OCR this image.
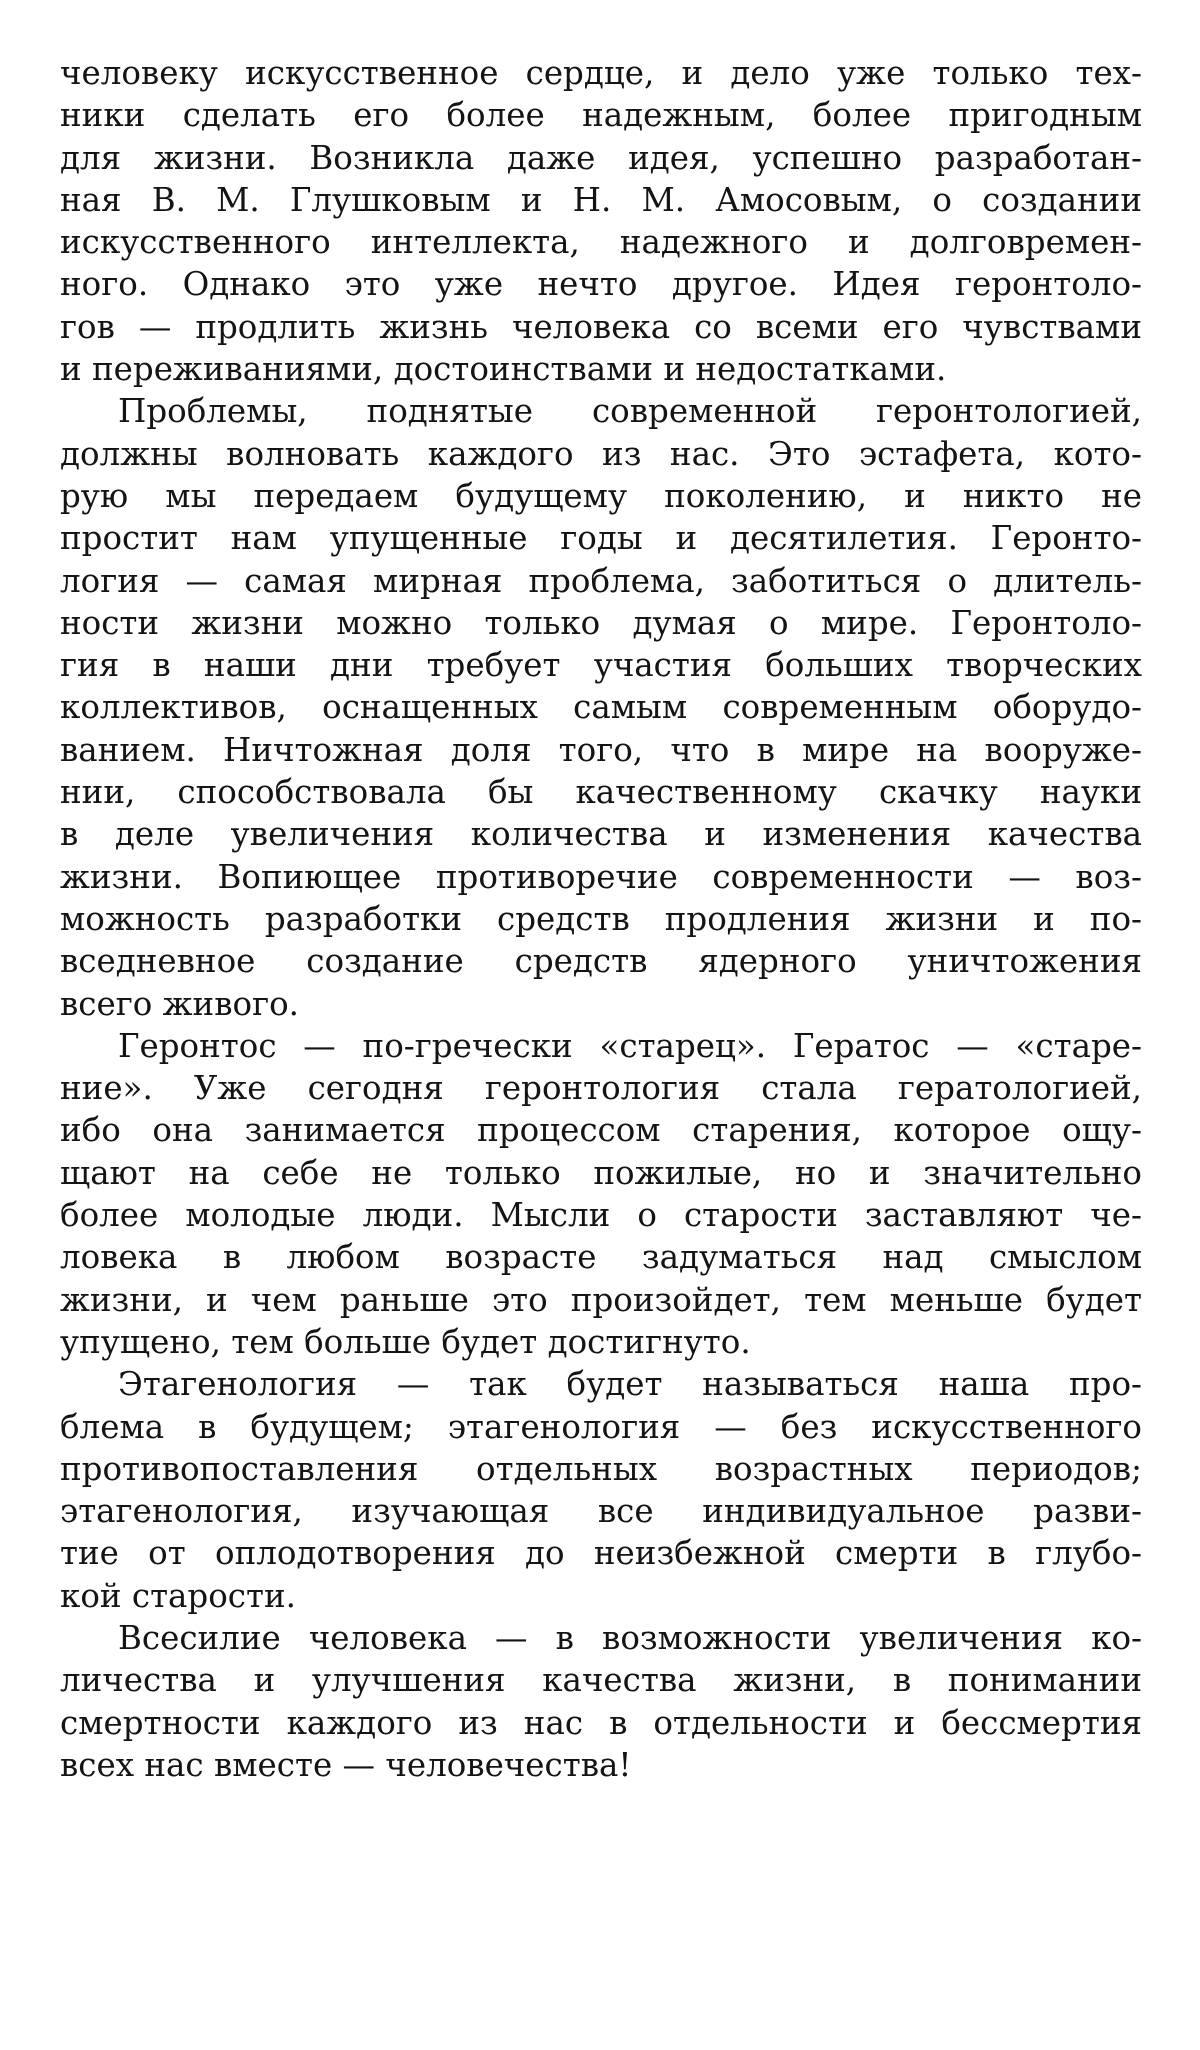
человеку искусственное сердце, и дело уже только тех-
ники сделать его более надежным, более пригодным
для жизни. Возникла даже идея, успешно разработан-
ная В. М. Глушковым и Н. М. Амосовым, о создании
искусственного интеллекта, надежного и долговремен-
ного. Однако это уже нечто другое. Идея геронтоло-
гов — продлить жизнь человека со всеми его чувствами
и переживаниями, достоинствами и недостатками.
Проблемы, поднятые современной геронтологией,
должны волновать каждого из нас. Это эстафета, кото-
рую мы передаем будущему поколению, и никто не
простит нам упущенные годы и десятилетия. Геронто-
логия — самая мирная проблема, заботиться о длитель-
ности жизни можно только думая о мире. Геронтоло-
гия в наши дни требует участия больших творческих
коллективов, оснащенных самым современным оборудо-
ванием. Ничтожная доля того, что в мире на вооруже-
нии, способствовала бы качественному скачку науки
в деле увеличения количества и изменения качества
жизни. Вопиющее противоречие современности — воз-
можность разработки средств продления жизни и по-
вседневное создание средств ядерного уничтожения
всего живого.
Геронтос — по-гречески «старец». Гератос — «старе-
ние». Уже сегодня геронтология стала гератологией,
ибо она занимается процессом старения, которое ощу-
щают на себе не только пожилые, но и значительно
более молодые люди. Мысли о старости заставляют че-
ловека в любом возрасте задуматься над смыслом
жизни, и чем раньше это произойдет, тем меньше будет
упущено, тем больше будет достигнуто.
Этагенология — так будет называться наша про-
блема в будущем; этагенология — без искусственного
противопоставления отдельных возрастных периодов;
этагенология, изучающая все индивидуальное разви-
тие от оплодотворения до неизбежной смерти в глубо-
кой старости.
Всесилие человека — в возможности увеличения ко-
личества и улучшения качества жизни, в понимании
смертности каждого из нас в отдельности и бессмертия
всех нас вместе — человечества!
